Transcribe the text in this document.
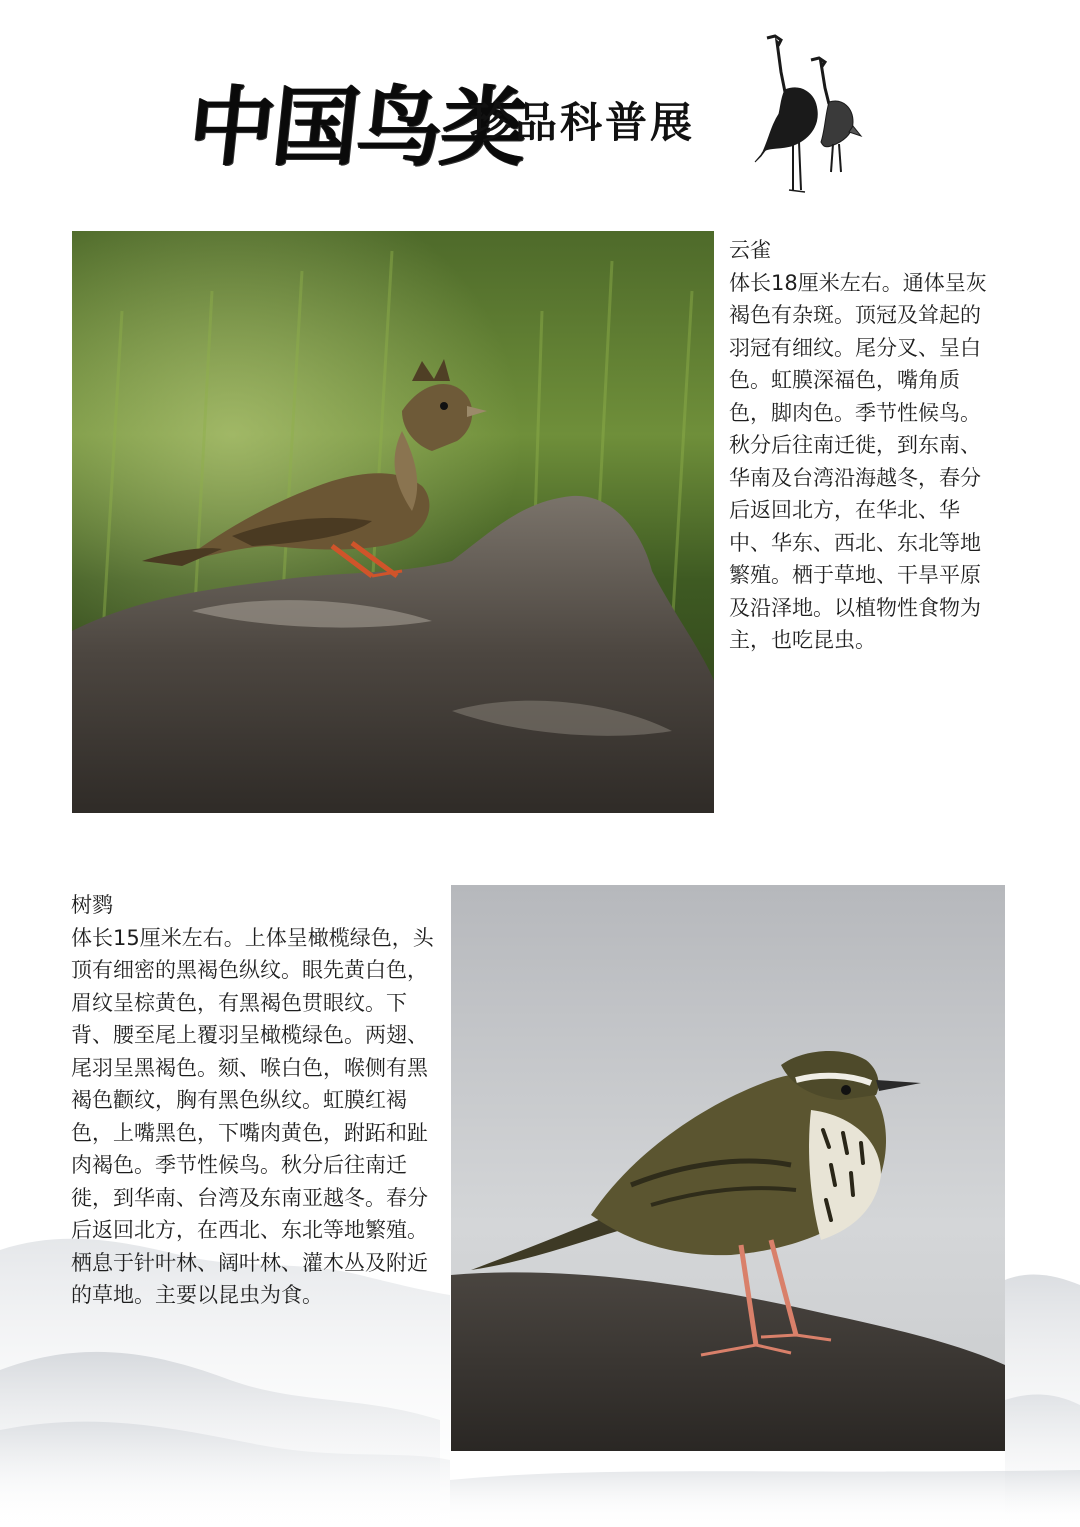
中国鸟类
珍品科普展
云雀
体长18厘米左右。通体呈灰褐色有杂斑。顶冠及耸起的羽冠有细纹。尾分叉、呈白色。虹膜深福色，嘴角质色，脚肉色。季节性候鸟。秋分后往南迁徙，到东南、华南及台湾沿海越冬，春分后返回北方，在华北、华中、华东、西北、东北等地繁殖。栖于草地、干旱平原及沿泽地。以植物性食物为主，也吃昆虫。
树鹨
体长15厘米左右。上体呈橄榄绿色，头顶有细密的黑褐色纵纹。眼先黄白色，眉纹呈棕黄色，有黑褐色贯眼纹。下背、腰至尾上覆羽呈橄榄绿色。两翅、尾羽呈黑褐色。颏、喉白色，喉侧有黑褐色颧纹，胸有黑色纵纹。虹膜红褐色，上嘴黑色，下嘴肉黄色，跗跖和趾肉褐色。季节性候鸟。秋分后往南迁徙，到华南、台湾及东南亚越冬。春分后返回北方，在西北、东北等地繁殖。栖息于针叶林、阔叶林、灌木丛及附近的草地。主要以昆虫为食。
